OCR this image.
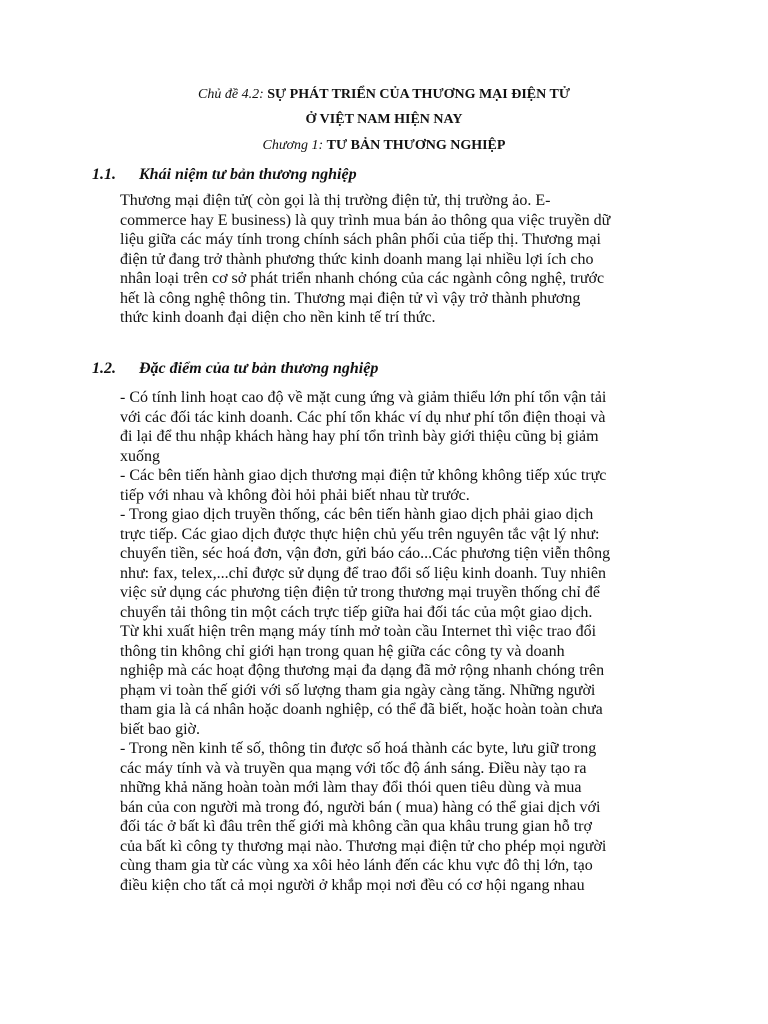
Chủ đề 4.2: SỰ PHÁT TRIỂN CỦA THƯƠNG MẠI ĐIỆN TỬ
Ở VIỆT NAM HIỆN NAY
Chương 1: TƯ BẢN THƯƠNG NGHIỆP
1.1. Khái niệm tư bản thương nghiệp
Thương mại điện tử( còn gọi là thị trường điện tử, thị trường ảo. E-
commerce hay E business) là quy trình mua bán ảo thông qua việc truyền dữ
liệu giữa các máy tính trong chính sách phân phối của tiếp thị. Thương mại
điện tử đang trở thành phương thức kinh doanh mang lại nhiều lợi ích cho
nhân loại trên cơ sở phát triển nhanh chóng của các ngành công nghệ, trước
hết là công nghệ thông tin. Thương mại điện tử vì vậy trở thành phương
thức kinh doanh đại diện cho nền kinh tế trí thức.
1.2. Đặc điểm của tư bản thương nghiệp
- Có tính linh hoạt cao độ về mặt cung ứng và giảm thiểu lớn phí tổn vận tải
với các đối tác kinh doanh. Các phí tổn khác ví dụ như phí tổn điện thoại và
đi lại để thu nhập khách hàng hay phí tổn trình bày giới thiệu cũng bị giảm
xuống
- Các bên tiến hành giao dịch thương mại điện tử không không tiếp xúc trực
tiếp với nhau và không đòi hỏi phải biết nhau từ trước.
- Trong giao dịch truyền thống, các bên tiến hành giao dịch phải giao dịch
trực tiếp. Các giao dịch được thực hiện chủ yếu trên nguyên tắc vật lý như:
chuyển tiền, séc hoá đơn, vận đơn, gửi báo cáo...Các phương tiện viễn thông
như: fax, telex,...chỉ được sử dụng để trao đổi số liệu kinh doanh. Tuy nhiên
việc sử dụng các phương tiện điện tử trong thương mại truyền thống chỉ để
chuyển tải thông tin một cách trực tiếp giữa hai đối tác của một giao dịch.
Từ khi xuất hiện trên mạng máy tính mở toàn cầu Internet thì việc trao đổi
thông tin không chỉ giới hạn trong quan hệ giữa các công ty và doanh
nghiệp mà các hoạt động thương mại đa dạng đã mở rộng nhanh chóng trên
phạm vi toàn thế giới với số lượng tham gia ngày càng tăng. Những người
tham gia là cá nhân hoặc doanh nghiệp, có thể đã biết, hoặc hoàn toàn chưa
biết bao giờ.
- Trong nền kinh tế số, thông tin được số hoá thành các byte, lưu giữ trong
các máy tính và và truyền qua mạng với tốc độ ánh sáng. Điều này tạo ra
những khả năng hoàn toàn mới làm thay đổi thói quen tiêu dùng và mua
bán của con người mà trong đó, người bán ( mua) hàng có thể giai dịch với
đối tác ở bất kì đâu trên thế giới mà không cần qua khâu trung gian hỗ trợ
của bất kì công ty thương mại nào. Thương mại điện tử cho phép mọi người
cùng tham gia từ các vùng xa xôi hẻo lánh đến các khu vực đô thị lớn, tạo
điều kiện cho tất cả mọi người ở khắp mọi nơi đều có cơ hội ngang nhau
